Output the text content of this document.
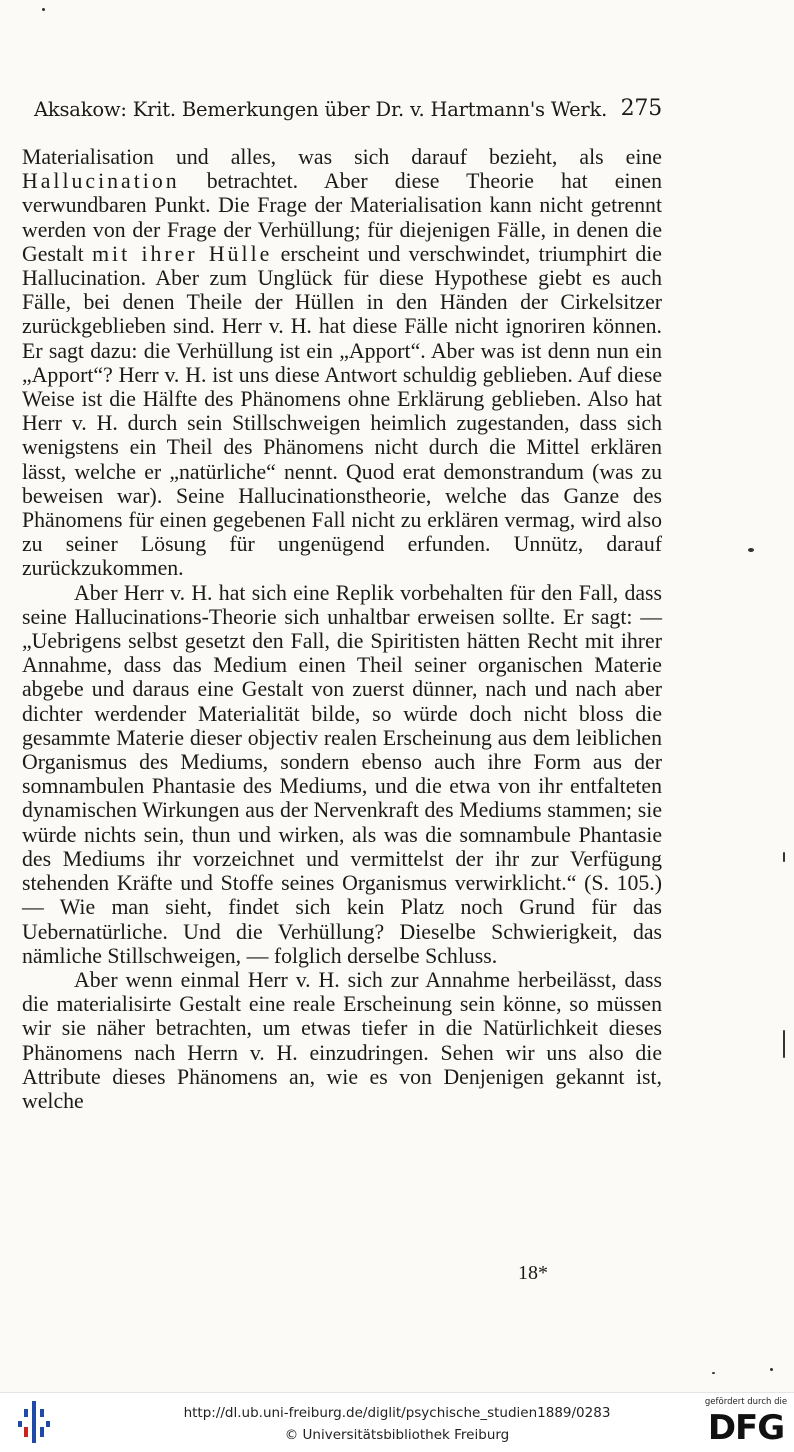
Aksakow: Krit. Bemerkungen über Dr. v. Hartmann's Werk. 275

Materialisation und alles, was sich darauf bezieht, als eine Hallucination betrachtet. Aber diese Theorie hat einen verwundbaren Punkt. Die Frage der Materialisation kann nicht getrennt werden von der Frage der Verhüllung; für diejenigen Fälle, in denen die Gestalt mit ihrer Hülle erscheint und verschwindet, triumphirt die Hallucination. Aber zum Unglück für diese Hypothese giebt es auch Fälle, bei denen Theile der Hüllen in den Händen der Cirkelsitzer zurückgeblieben sind. Herr v. H. hat diese Fälle nicht ignoriren können. Er sagt dazu: die Verhüllung ist ein „Apport“. Aber was ist denn nun ein „Apport“? Herr v. H. ist uns diese Antwort schuldig geblieben. Auf diese Weise ist die Hälfte des Phänomens ohne Erklärung geblieben. Also hat Herr v. H. durch sein Stillschweigen heimlich zugestanden, dass sich wenigstens ein Theil des Phänomens nicht durch die Mittel erklären lässt, welche er „natürliche“ nennt. Quod erat demonstrandum (was zu beweisen war). Seine Hallucinationstheorie, welche das Ganze des Phänomens für einen gegebenen Fall nicht zu erklären vermag, wird also zu seiner Lösung für ungenügend erfunden. Unnütz, darauf zurückzukommen.

Aber Herr v. H. hat sich eine Replik vorbehalten für den Fall, dass seine Hallucinations-Theorie sich unhaltbar erweisen sollte. Er sagt: — „Uebrigens selbst gesetzt den Fall, die Spiritisten hätten Recht mit ihrer Annahme, dass das Medium einen Theil seiner organischen Materie abgebe und daraus eine Gestalt von zuerst dünner, nach und nach aber dichter werdender Materialität bilde, so würde doch nicht bloss die gesammte Materie dieser objectiv realen Erscheinung aus dem leiblichen Organismus des Mediums, sondern ebenso auch ihre Form aus der somnambulen Phantasie des Mediums, und die etwa von ihr entfalteten dynamischen Wirkungen aus der Nervenkraft des Mediums stammen; sie würde nichts sein, thun und wirken, als was die somnambule Phantasie des Mediums ihr vorzeichnet und vermittelst der ihr zur Verfügung stehenden Kräfte und Stoffe seines Organismus verwirklicht.“ (S. 105.) — Wie man sieht, findet sich kein Platz noch Grund für das Uebernatürliche. Und die Verhüllung? Dieselbe Schwierigkeit, das nämliche Stillschweigen, — folglich derselbe Schluss.

Aber wenn einmal Herr v. H. sich zur Annahme herbeilässt, dass die materialisirte Gestalt eine reale Erscheinung sein könne, so müssen wir sie näher betrachten, um etwas tiefer in die Natürlichkeit dieses Phänomens nach Herrn v. H. einzudringen. Sehen wir uns also die Attribute dieses Phänomens an, wie es von Denjenigen gekannt ist, welche

18*
http://dl.ub.uni-freiburg.de/diglit/psychische_studien1889/0283
© Universitätsbibliothek Freiburg
gefördert durch die
DFG
